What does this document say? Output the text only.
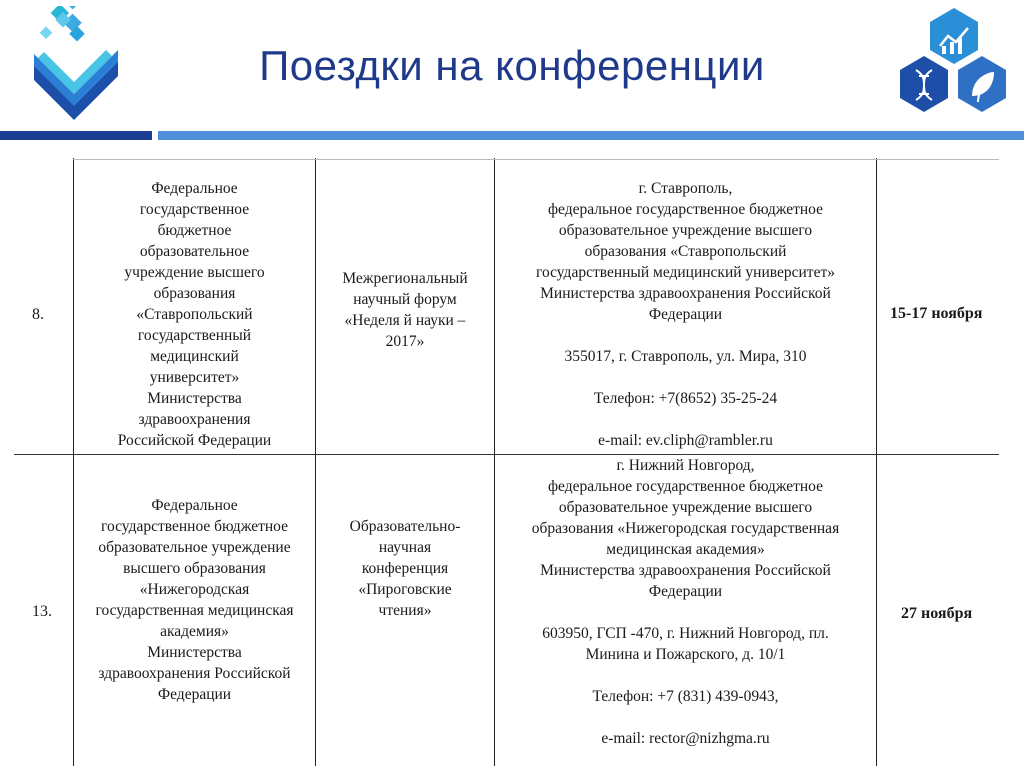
Поездки на конференции
8.
Федеральное
государственное
бюджетное
образовательное
учреждение высшего
образования
«Ставропольский
государственный
медицинский
университет»
Министерства
здравоохранения
Российской Федерации
Межрегиональный
научный форум
«Неделя й науки –
2017»
г. Ставрополь,
федеральное государственное бюджетное
образовательное учреждение высшего
образования «Ставропольский
государственный медицинский университет»
Министерства здравоохранения Российской
Федерации
355017, г. Ставрополь, ул. Мира, 310
Телефон: +7(8652) 35-25-24
e-mail: ev.cliph@rambler.ru
15-17 ноября
13.
Федеральное
государственное бюджетное
образовательное учреждение
высшего образования
«Нижегородская
государственная медицинская
академия»
Министерства
здравоохранения Российской
Федерации
Образовательно-
научная
конференция
«Пироговские
чтения»
г. Нижний Новгород,
федеральное государственное бюджетное
образовательное учреждение высшего
образования «Нижегородская государственная
медицинская академия»
Министерства здравоохранения Российской
Федерации
603950, ГСП -470, г. Нижний Новгород, пл.
Минина и Пожарского, д. 10/1
Телефон: +7 (831) 439-0943,
e-mail: rector@nizhgma.ru
27 ноября
